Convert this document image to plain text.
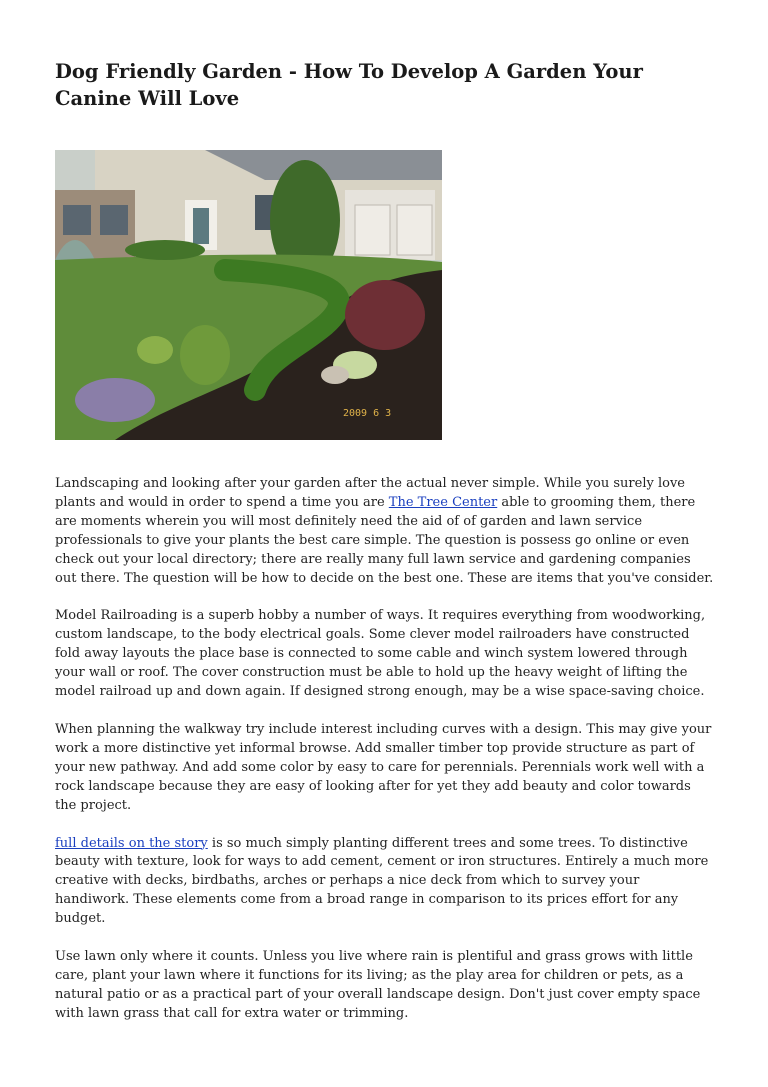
Dog Friendly Garden - How To Develop A Garden Your Canine Will Love
2009 6 3

Landscaping and looking after your garden after the actual never simple. While you surely love plants and would in order to spend a time you are The Tree Center able to grooming them, there are moments wherein you will most definitely need the aid of of garden and lawn service professionals to give your plants the best care simple. The question is possess go online or even check out your local directory; there are really many full lawn service and gardening companies out there. The question will be how to decide on the best one. These are items that you've consider.

Model Railroading is a superb hobby a number of ways. It requires everything from woodworking, custom landscape, to the body electrical goals. Some clever model railroaders have constructed fold away layouts the place base is connected to some cable and winch system lowered through your wall or roof. The cover construction must be able to hold up the heavy weight of lifting the model railroad up and down again. If designed strong enough, may be a wise space-saving choice.

When planning the walkway try include interest including curves with a design. This may give your work a more distinctive yet informal browse. Add smaller timber top provide structure as part of your new pathway. And add some color by easy to care for perennials. Perennials work well with a rock landscape because they are easy of looking after for yet they add beauty and color towards the project.

full details on the story is so much simply planting different trees and some trees. To distinctive beauty with texture, look for ways to add cement, cement or iron structures. Entirely a much more creative with decks, birdbaths, arches or perhaps a nice deck from which to survey your handiwork. These elements come from a broad range in comparison to its prices effort for any budget.

Use lawn only where it counts. Unless you live where rain is plentiful and grass grows with little care, plant your lawn where it functions for its living; as the play area for children or pets, as a natural patio or as a practical part of your overall landscape design. Don't just cover empty space with lawn grass that call for extra water or trimming.
